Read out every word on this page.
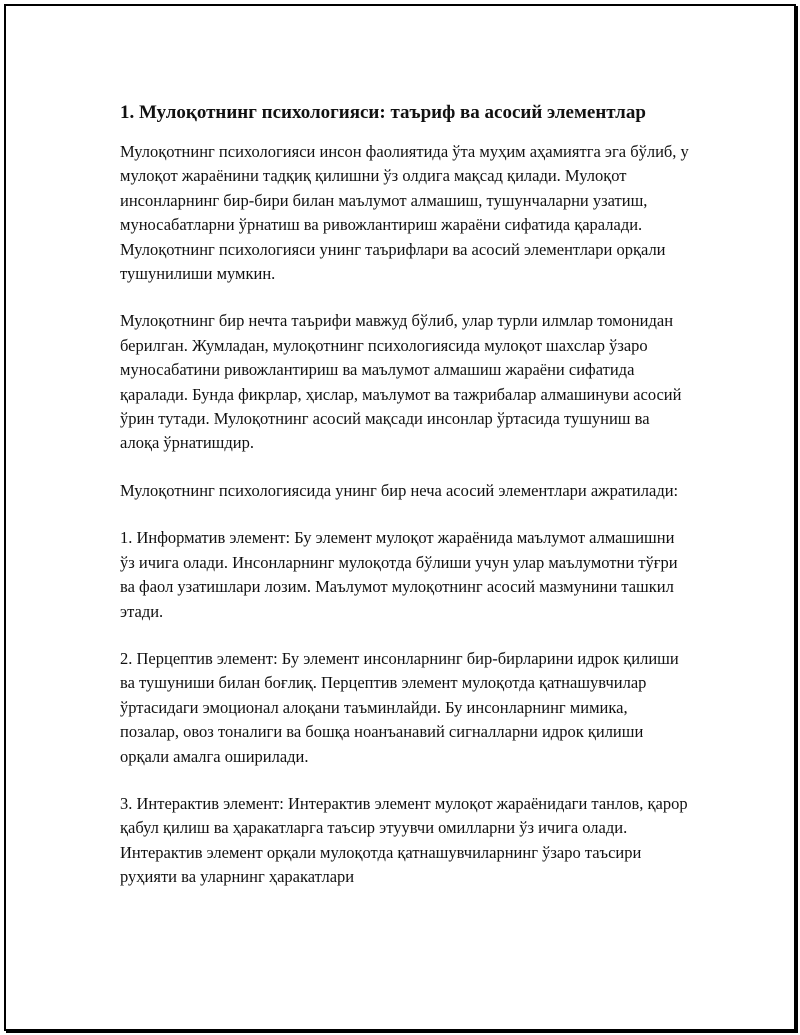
1. Мулоқотнинг психологияси: таъриф ва асосий элементлар

Мулоқотнинг психологияси инсон фаолиятида ўта муҳим аҳамиятга эга бўлиб, у мулоқот жараёнини тадқиқ қилишни ўз олдига мақсад қилади. Мулоқот инсонларнинг бир-бири билан маълумот алмашиш, тушунчаларни узатиш, муносабатларни ўрнатиш ва ривожлантириш жараёни сифатида қаралади. Мулоқотнинг психологияси унинг таърифлари ва асосий элементлари орқали тушунилиши мумкин.

Мулоқотнинг бир нечта таърифи мавжуд бўлиб, улар турли илмлар томонидан берилган. Жумладан, мулоқотнинг психологиясида мулоқот шахслар ўзаро муносабатини ривожлантириш ва маълумот алмашиш жараёни сифатида қаралади. Бунда фикрлар, ҳислар, маълумот ва тажрибалар алмашинуви асосий ўрин тутади. Мулоқотнинг асосий мақсади инсонлар ўртасида тушуниш ва алоқа ўрнатишдир.

Мулоқотнинг психологиясида унинг бир неча асосий элементлари ажратилади:

1. Информатив элемент: Бу элемент мулоқот жараёнида маълумот алмашишни ўз ичига олади. Инсонларнинг мулоқотда бўлиши учун улар маълумотни тўғри ва фаол узатишлари лозим. Маълумот мулоқотнинг асосий мазмунини ташкил этади.

2. Перцептив элемент: Бу элемент инсонларнинг бир-бирларини идрок қилиши ва тушуниши билан боғлиқ. Перцептив элемент мулоқотда қатнашувчилар ўртасидаги эмоционал алоқани таъминлайди. Бу инсонларнинг мимика, позалар, овоз тоналиги ва бошқа ноанъанавий сигналларни идрок қилиши орқали амалга оширилади.

3. Интерактив элемент: Интерактив элемент мулоқот жараёнидаги танлов, қарор қабул қилиш ва ҳаракатларга таъсир этуувчи омилларни ўз ичига олади. Интерактив элемент орқали мулоқотда қатнашувчиларнинг ўзаро таъсири руҳияти ва уларнинг ҳаракатлари
